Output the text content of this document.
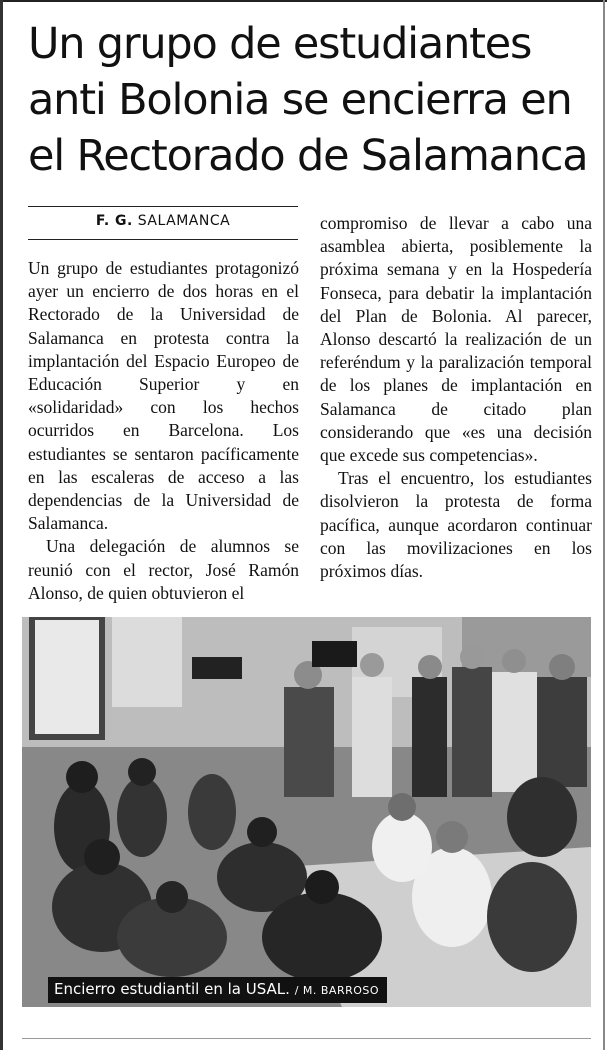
Un grupo de estudiantes anti Bolonia se encierra en el Rectorado de Salamanca
F. G. SALAMANCA

Un grupo de estudiantes protagonizó ayer un encierro de dos horas en el Rectorado de la Universidad de Salamanca en protesta contra la implantación del Espacio Europeo de Educación Superior y en «solidaridad» con los hechos ocurridos en Barcelona. Los estudiantes se sentaron pacíficamente en las escaleras de acceso a las dependencias de la Universidad de Salamanca.

Una delegación de alumnos se reunió con el rector, José Ramón Alonso, de quien obtuvieron el

compromiso de llevar a cabo una asamblea abierta, posiblemente la próxima semana y en la Hospedería Fonseca, para debatir la implantación del Plan de Bolonia. Al parecer, Alonso descartó la realización de un referéndum y la paralización temporal de los planes de implantación en Salamanca de citado plan considerando que «es una decisión que excede sus competencias».

Tras el encuentro, los estudiantes disolvieron la protesta de forma pacífica, aunque acordaron continuar con las movilizaciones en los próximos días.

Encierro estudiantil en la USAL. / M. BARROSO
